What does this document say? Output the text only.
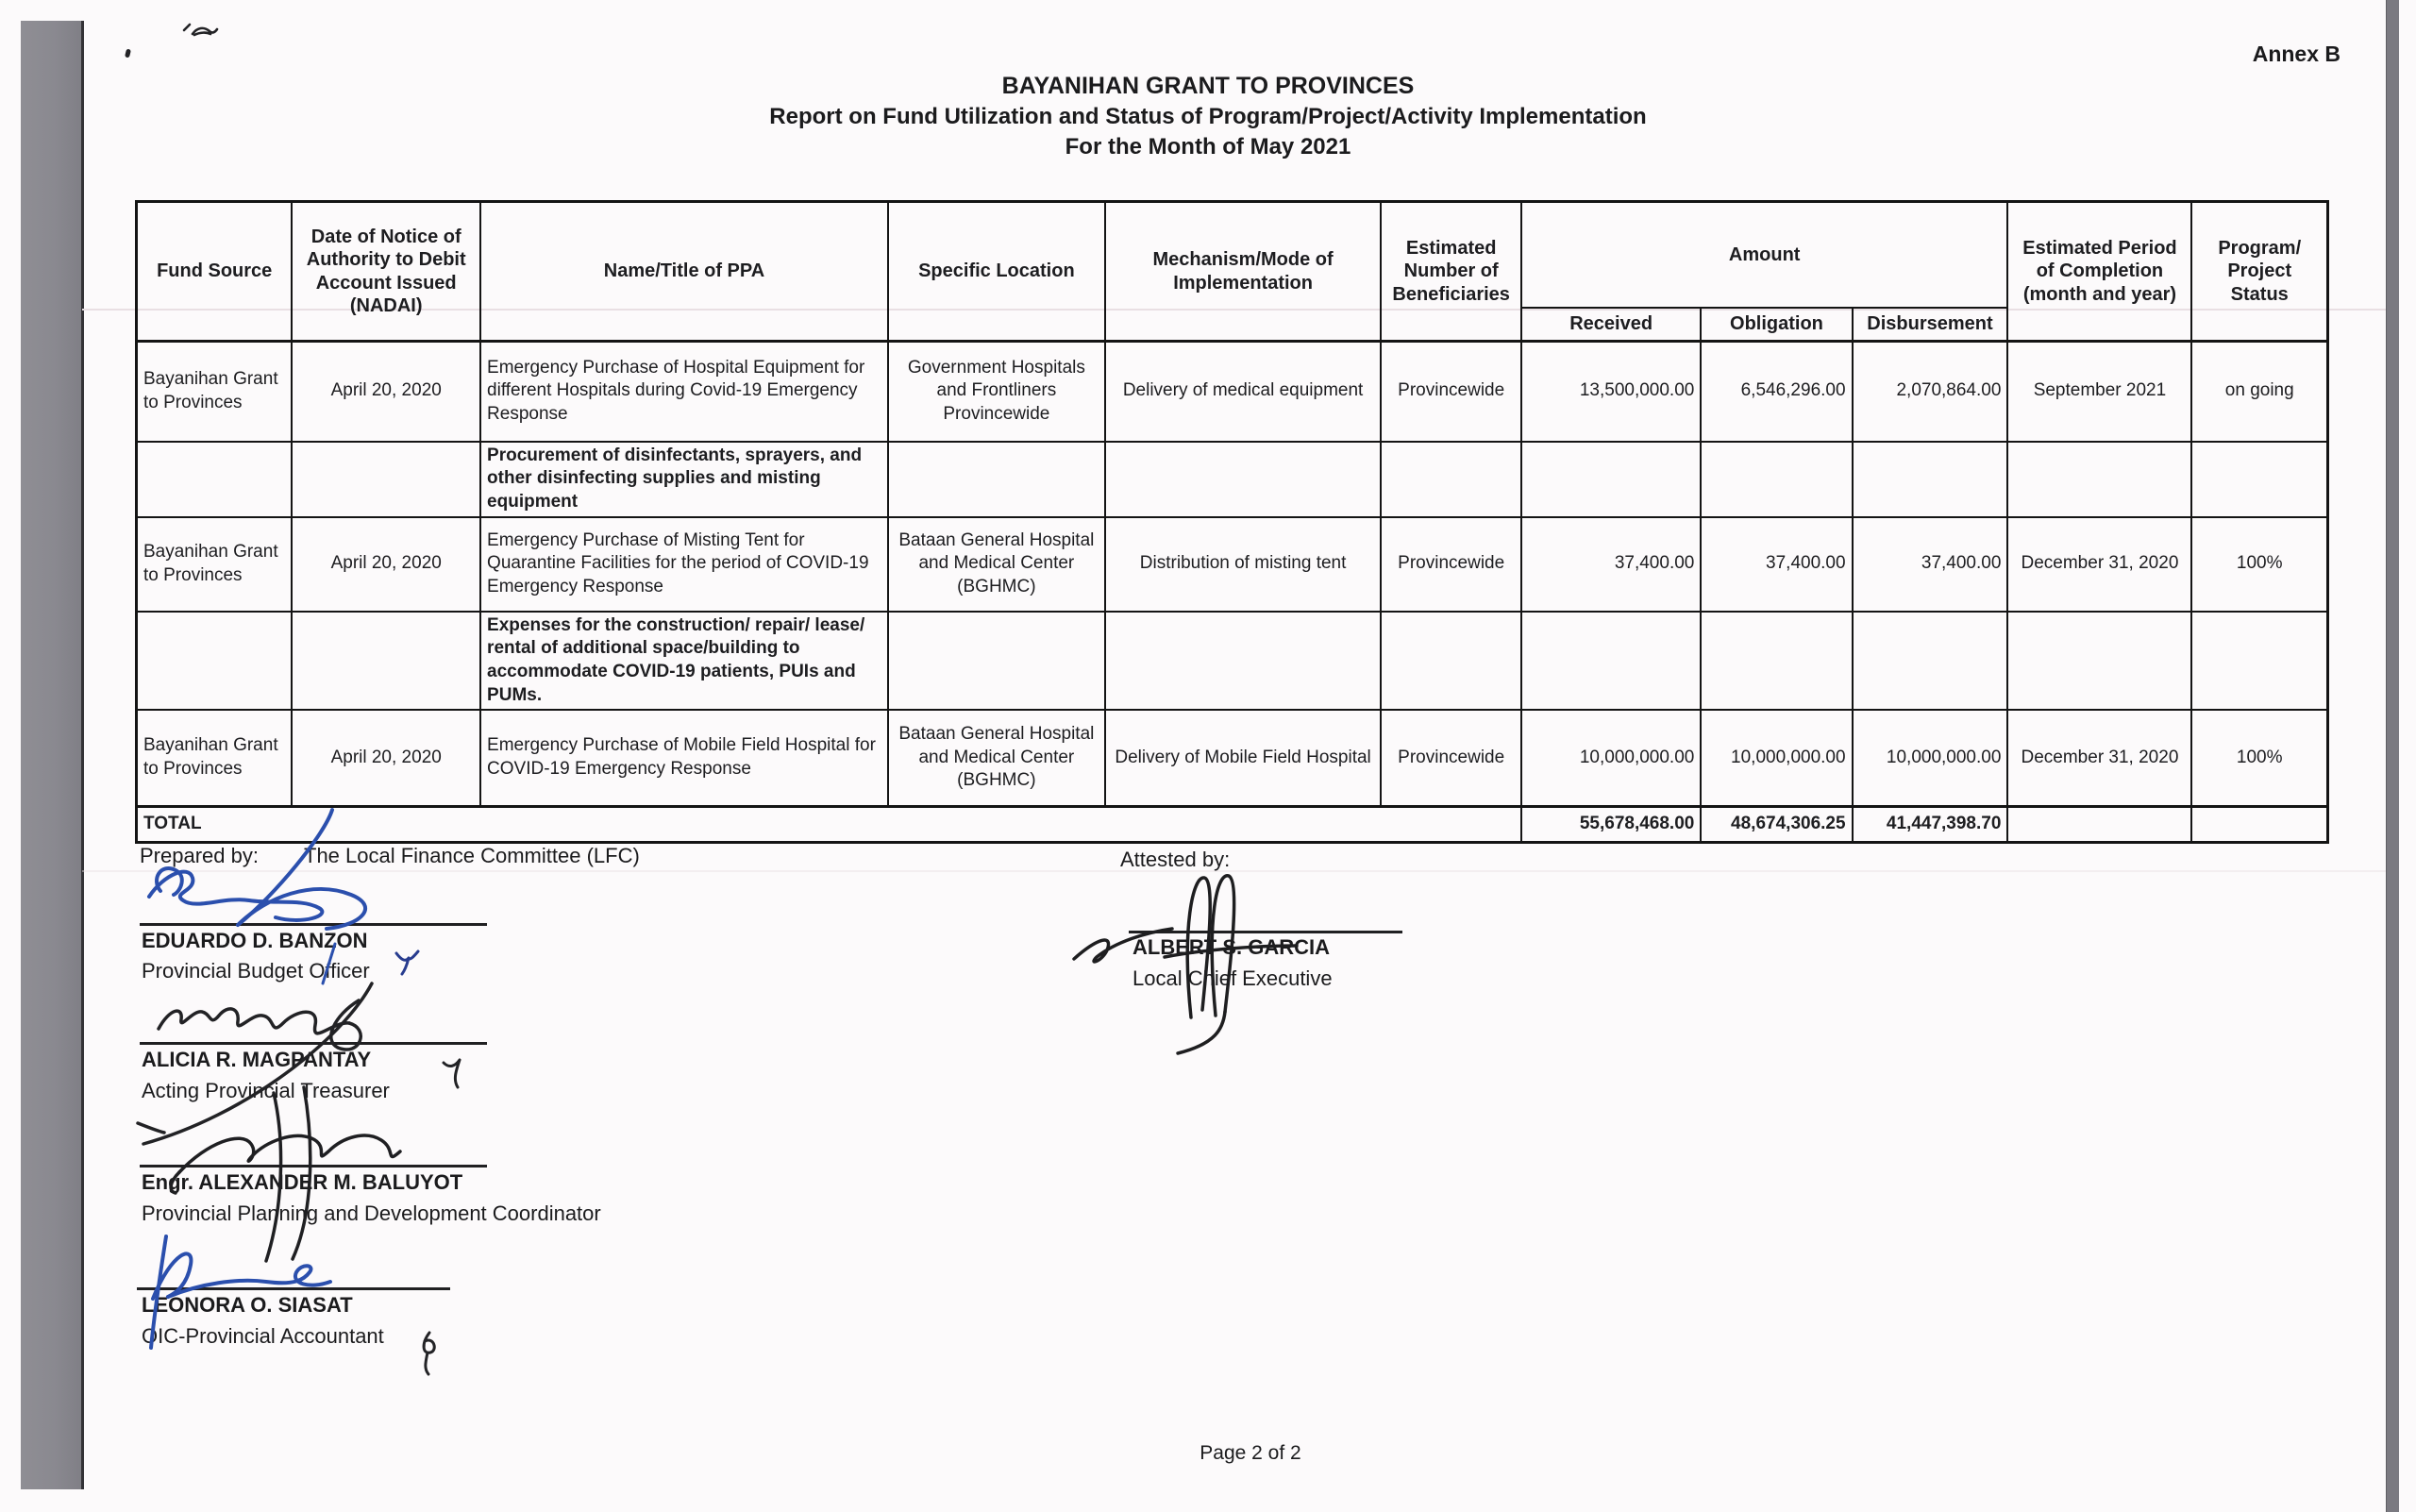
Annex B
BAYANIHAN GRANT TO PROVINCES
Report on Fund Utilization and Status of Program/Project/Activity Implementation
For the Month of May 2021
Fund Source	Date of Notice of Authority to Debit Account Issued (NADAI)	Name/Title of PPA	Specific Location	Mechanism/Mode of Implementation	Estimated Number of Beneficiaries	Amount			Estimated Period of Completion (month and year)	Program/ Project Status
						Received	Obligation	Disbursement		
Bayanihan Grant to Provinces	April 20, 2020	Emergency Purchase of Hospital Equipment for different Hospitals during Covid-19 Emergency Response	Government Hospitals and Frontliners Provincewide	Delivery of medical equipment	Provincewide	13,500,000.00	6,546,296.00	2,070,864.00	September 2021	on going
		Procurement of disinfectants, sprayers, and other disinfecting supplies and misting equipment								
Bayanihan Grant to Provinces	April 20, 2020	Emergency Purchase of Misting Tent for Quarantine Facilities for the period of COVID-19 Emergency Response	Bataan General Hospital and Medical Center (BGHMC)	Distribution of misting tent	Provincewide	37,400.00	37,400.00	37,400.00	December 31, 2020	100%
		Expenses for the construction/ repair/ lease/ rental of additional space/building to accommodate COVID-19 patients, PUIs and PUMs.								
Bayanihan Grant to Provinces	April 20, 2020	Emergency Purchase of Mobile Field Hospital for COVID-19 Emergency Response	Bataan General Hospital and Medical Center (BGHMC)	Delivery of Mobile Field Hospital	Provincewide	10,000,000.00	10,000,000.00	10,000,000.00	December 31, 2020	100%
TOTAL						55,678,468.00	48,674,306.25	41,447,398.70		
Prepared by: The Local Finance Committee (LFC)	Attested by:
EDUARDO D. BANZON
Provincial Budget Officer
ALICIA R. MAGPANTAY
Acting Provincial Treasurer
Engr. ALEXANDER M. BALUYOT
Provincial Planning and Development Coordinator
LEONORA O. SIASAT
OIC-Provincial Accountant
ALBERT S. GARCIA
Local Chief Executive
Page 2 of 2
